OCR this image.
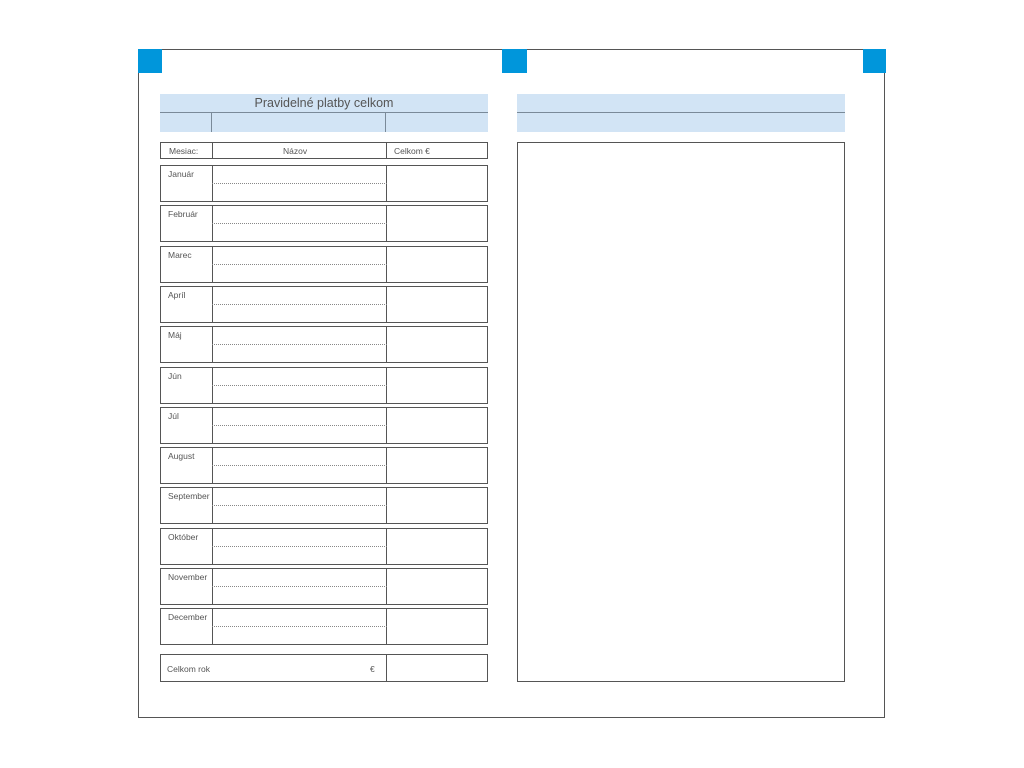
Pravidelné platby celkom
Mesiac:	Názov	Celkom €
Január
Február
Marec
Apríl
Máj
Jún
Júl
August
September
Október
November
December
Celkom rok	€
